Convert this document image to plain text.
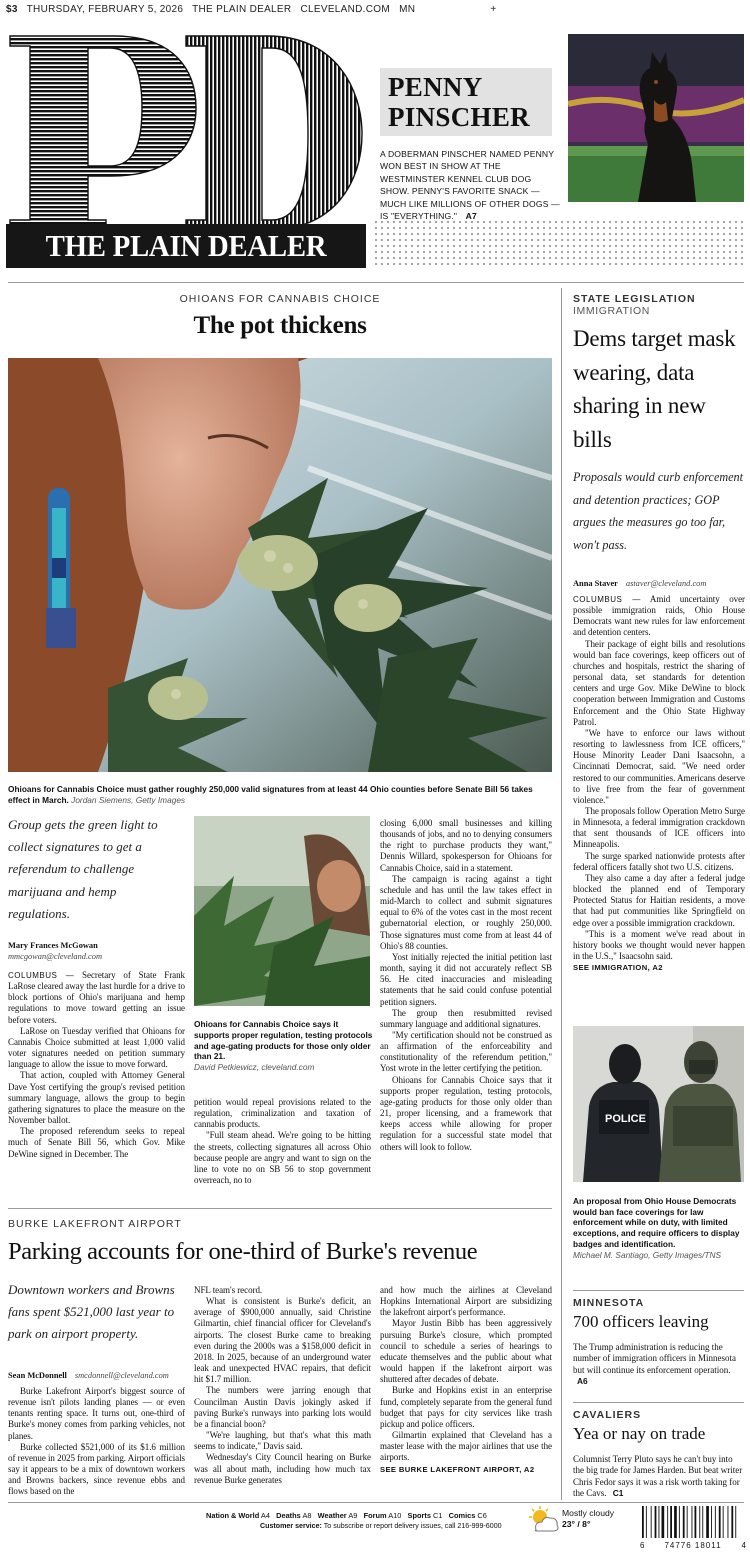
$3 THURSDAY, FEBRUARY 5, 2026 THE PLAIN DEALER CLEVELAND.COM MN	+
THE PLAIN DEALER
PENNY
PINSCHER
A DOBERMAN PINSCHER NAMED PENNY WON BEST IN SHOW AT THE WESTMINSTER KENNEL CLUB DOG SHOW. PENNY'S FAVORITE SNACK — MUCH LIKE MILLIONS OF OTHER DOGS — IS "EVERYTHING." A7
OHIOANS FOR CANNABIS CHOICE
The pot thickens
Ohioans for Cannabis Choice must gather roughly 250,000 valid signatures from at least 44 Ohio counties before Senate Bill 56 takes effect in March. Jordan Siemens, Getty Images
Group gets the green light to collect signatures to get a referendum to challenge marijuana and hemp regulations.
Mary Frances McGowan
mmcgowan@cleveland.com

COLUMBUS — Secretary of State Frank LaRose cleared away the last hurdle for a drive to block portions of Ohio's marijuana and hemp regulations to move toward getting an issue before voters.

LaRose on Tuesday verified that Ohioans for Cannabis Choice submitted at least 1,000 valid voter signatures needed on petition summary language to allow the issue to move forward.

That action, coupled with Attorney General Dave Yost certifying the group's revised petition summary language, allows the group to begin gathering signatures to place the measure on the November ballot.

The proposed referendum seeks to repeal much of Senate Bill 56, which Gov. Mike DeWine signed in December. The

Ohioans for Cannabis Choice says it supports proper regulation, testing protocols and age-gating products for those only older than 21.
David Petkiewicz, cleveland.com

petition would repeal provisions related to the regulation, criminalization and taxation of cannabis products.

"Full steam ahead. We're going to be hitting the streets, collecting signatures all across Ohio because people are angry and want to sign on the line to vote no on SB 56 to stop government overreach, no to

closing 6,000 small businesses and killing thousands of jobs, and no to denying consumers the right to purchase products they want," Dennis Willard, spokesperson for Ohioans for Cannabis Choice, said in a statement.

The campaign is racing against a tight schedule and has until the law takes effect in mid-March to collect and submit signatures equal to 6% of the votes cast in the most recent gubernatorial election, or roughly 250,000. Those signatures must come from at least 44 of Ohio's 88 counties.

Yost initially rejected the initial petition last month, saying it did not accurately reflect SB 56. He cited inaccuracies and misleading statements that he said could confuse potential petition signers.

The group then resubmitted revised summary language and additional signatures.

"My certification should not be construed as an affirmation of the enforceability and constitutionality of the referendum petition," Yost wrote in the letter certifying the petition.

Ohioans for Cannabis Choice says that it supports proper regulation, testing protocols, age-gating products for those only older than 21, proper licensing, and a framework that keeps access while allowing for proper regulation for a successful state model that others will look to follow.

BURKE LAKEFRONT AIRPORT
Parking accounts for one-third of Burke's revenue
Downtown workers and Browns fans spent $521,000 last year to park on airport property.
Sean McDonnell smcdonnell@cleveland.com

Burke Lakefront Airport's biggest source of revenue isn't pilots landing planes — or even tenants renting space. It turns out, one-third of Burke's money comes from parking vehicles, not planes.

Burke collected $521,000 of its $1.6 million of revenue in 2025 from parking. Airport officials say it appears to be a mix of downtown workers and Browns backers, since revenue ebbs and flows based on the

NFL team's record.

What is consistent is Burke's deficit, an average of $900,000 annually, said Christine Gilmartin, chief financial officer for Cleveland's airports. The closest Burke came to breaking even during the 2000s was a $158,000 deficit in 2018. In 2025, because of an underground water leak and unexpected HVAC repairs, that deficit hit $1.7 million.

The numbers were jarring enough that Councilman Austin Davis jokingly asked if paving Burke's runways into parking lots would be a financial boon?

"We're laughing, but that's what this math seems to indicate," Davis said.

Wednesday's City Council hearing on Burke was all about math, including how much tax revenue Burke generates

and how much the airlines at Cleveland Hopkins International Airport are subsidizing the lakefront airport's performance.

Mayor Justin Bibb has been aggressively pursuing Burke's closure, which prompted council to schedule a series of hearings to educate themselves and the public about what would happen if the lakefront airport was shuttered after decades of debate.

Burke and Hopkins exist in an enterprise fund, completely separate from the general fund budget that pays for city services like trash pickup and police officers.

Gilmartin explained that Cleveland has a master lease with the major airlines that use the airports.

SEE BURKE LAKEFRONT AIRPORT, A2

STATE LEGISLATION
IMMIGRATION
Dems target mask wearing, data sharing in new bills
Proposals would curb enforcement and detention practices; GOP argues the measures go too far, won't pass.
Anna Staver astaver@cleveland.com

COLUMBUS — Amid uncertainty over possible immigration raids, Ohio House Democrats want new rules for law enforcement and detention centers.

Their package of eight bills and resolutions would ban face coverings, keep officers out of churches and hospitals, restrict the sharing of personal data, set standards for detention centers and urge Gov. Mike DeWine to block cooperation between Immigration and Customs Enforcement and the Ohio State Highway Patrol.

"We have to enforce our laws without resorting to lawlessness from ICE officers," House Minority Leader Dani Isaacsohn, a Cincinnati Democrat, said. "We need order restored to our communities. Americans deserve to live free from the fear of government violence."

The proposals follow Operation Metro Surge in Minnesota, a federal immigration crackdown that sent thousands of ICE officers into Minneapolis.

The surge sparked nationwide protests after federal officers fatally shot two U.S. citizens.

They also came a day after a federal judge blocked the planned end of Temporary Protected Status for Haitian residents, a move that had put communities like Springfield on edge over a possible immigration crackdown.

"This is a moment we've read about in history books we thought would never happen in the U.S.," Isaacsohn said.

SEE IMMIGRATION, A2

POLICE
An proposal from Ohio House Democrats would ban face coverings for law enforcement while on duty, with limited exceptions, and require officers to display badges and identification.
Michael M. Santiago, Getty Images/TNS
MINNESOTA
700 officers leaving
The Trump administration is reducing the number of immigration officers in Minnesota but will continue its enforcement operation. A6
CAVALIERS
Yea or nay on trade
Columnist Terry Pluto says he can't buy into the big trade for James Harden. But beat writer Chris Fedor says it was a risk worth taking for the Cavs. C1
Nation & World A4 Deaths A8 Weather A9 Forum A10 Sports C1 Comics C6
Customer service: To subscribe or report delivery issues, call 216-999-6000
Mostly cloudy
23° / 8°
6 74776 18011 4
